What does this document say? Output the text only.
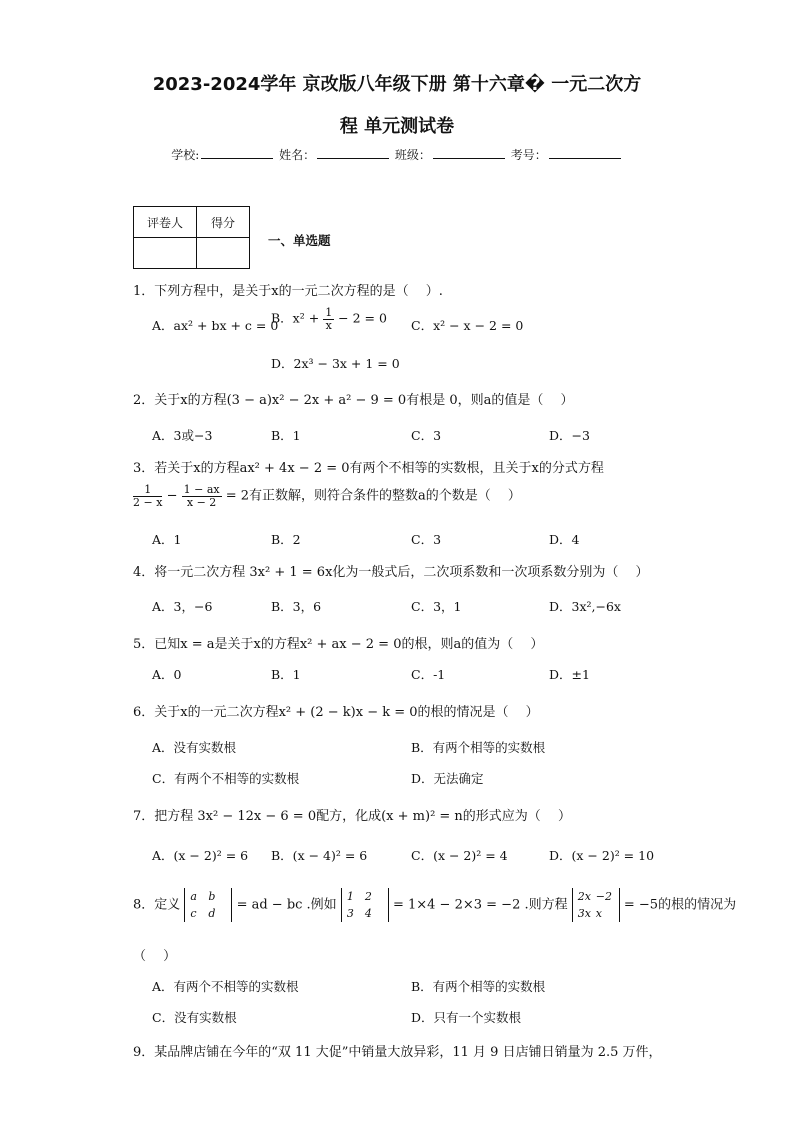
2023-2024学年 京改版八年级下册 第十六章� 一元二次方
程 单元测试卷
学校:	姓名：	班级：	考号：
评卷人	得分

一、单选题
1．下列方程中，是关于x的一元二次方程的是（　 ）.
A．ax² + bx + c = 0
B．$x^2 + \frac{1}{x} - 2 = 0$ C．x² − x − 2 = 0
D．2x³ − 3x + 1 = 0
2．关于x的方程(3 − a)x² − 2x + a² − 9 = 0有根是 0，则a的值是（　 ）
A．3或−3	B．1	C．3	D．−3
3．若关于x的方程ax² + 4x − 2 = 0有两个不相等的实数根，且关于x的分式方程
$\frac{1}{2 - x} - \frac{1 - ax}{x - 2} = 2$有正数解，则符合条件的整数a的个数是（　 ）
A．1	B．2	C．3	D．4
4．将一元二次方程 3x² + 1 = 6x化为一般式后，二次项系数和一次项系数分别为（　 ）
A．3，−6	B．3，6	C．3，1	D．3x²,−6x
5．已知x = a是关于x的方程x² + ax − 2 = 0的根，则a的值为（　 ）
A．0	B．1	C．-1	D．±1
6．关于x的一元二次方程x² + (2 − k)x − k = 0的根的情况是（　 ）
A．没有实数根	B．有两个相等的实数根
C．有两个不相等的实数根	D．无法确定
7．把方程 3x² − 12x − 6 = 0配方，化成(x + m)² = n的形式应为（　 ）
A．(x − 2)² = 6 B．(x − 4)² = 6	C．(x − 2)² = 4	D．(x − 2)² = 10
8．定义 a b
c d = ad − bc .例如 1 2
3 4 = 1×4 − 2×3 = −2 .则方程 2x −2
3x x = −5的根的情况为
（　 ）
A．有两个不相等的实数根	B．有两个相等的实数根
C．没有实数根	D．只有一个实数根
9．某品牌店铺在今年的“双 11 大促”中销量大放异彩，11 月 9 日店铺日销量为 2.5 万件，
